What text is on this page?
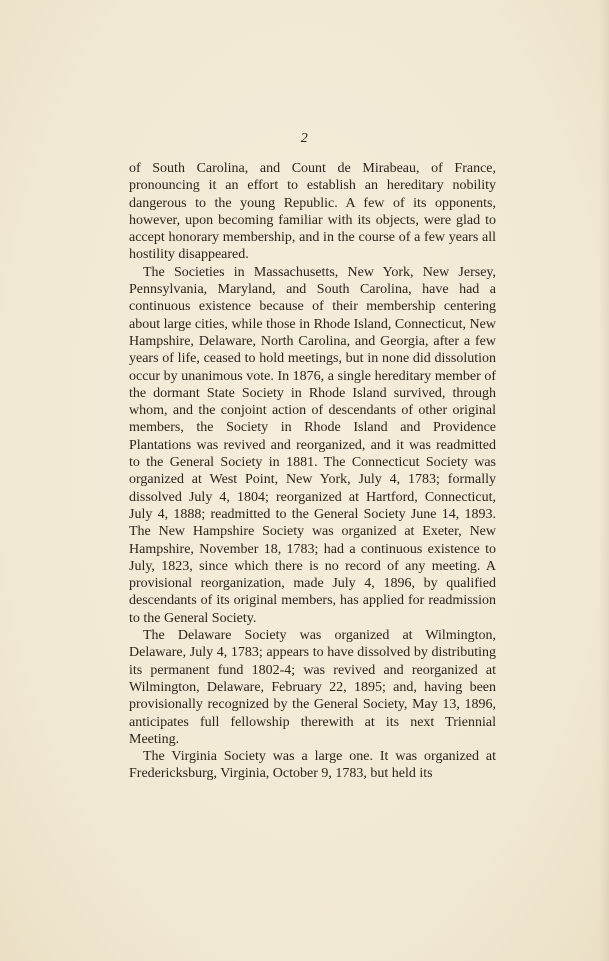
2

of South Carolina, and Count de Mirabeau, of France, pronouncing it an effort to establish an hereditary nobility dangerous to the young Republic. A few of its opponents, however, upon becoming familiar with its objects, were glad to accept honorary membership, and in the course of a few years all hostility disappeared.

The Societies in Massachusetts, New York, New Jersey, Pennsylvania, Maryland, and South Carolina, have had a continuous existence because of their membership centering about large cities, while those in Rhode Island, Connecticut, New Hampshire, Delaware, North Carolina, and Georgia, after a few years of life, ceased to hold meetings, but in none did dissolution occur by unanimous vote. In 1876, a single hereditary member of the dormant State Society in Rhode Island survived, through whom, and the conjoint action of descendants of other original members, the Society in Rhode Island and Providence Plantations was revived and reorganized, and it was readmitted to the General Society in 1881. The Connecticut Society was organized at West Point, New York, July 4, 1783; formally dissolved July 4, 1804; reorganized at Hartford, Connecticut, July 4, 1888; readmitted to the General Society June 14, 1893. The New Hampshire Society was organized at Exeter, New Hampshire, November 18, 1783; had a continuous existence to July, 1823, since which there is no record of any meeting. A provisional reorganization, made July 4, 1896, by qualified descendants of its original members, has applied for readmission to the General Society.

The Delaware Society was organized at Wilmington, Delaware, July 4, 1783; appears to have dissolved by distributing its permanent fund 1802-4; was revived and reorganized at Wilmington, Delaware, February 22, 1895; and, having been provisionally recognized by the General Society, May 13, 1896, anticipates full fellowship therewith at its next Triennial Meeting.

The Virginia Society was a large one. It was organized at Fredericksburg, Virginia, October 9, 1783, but held its
